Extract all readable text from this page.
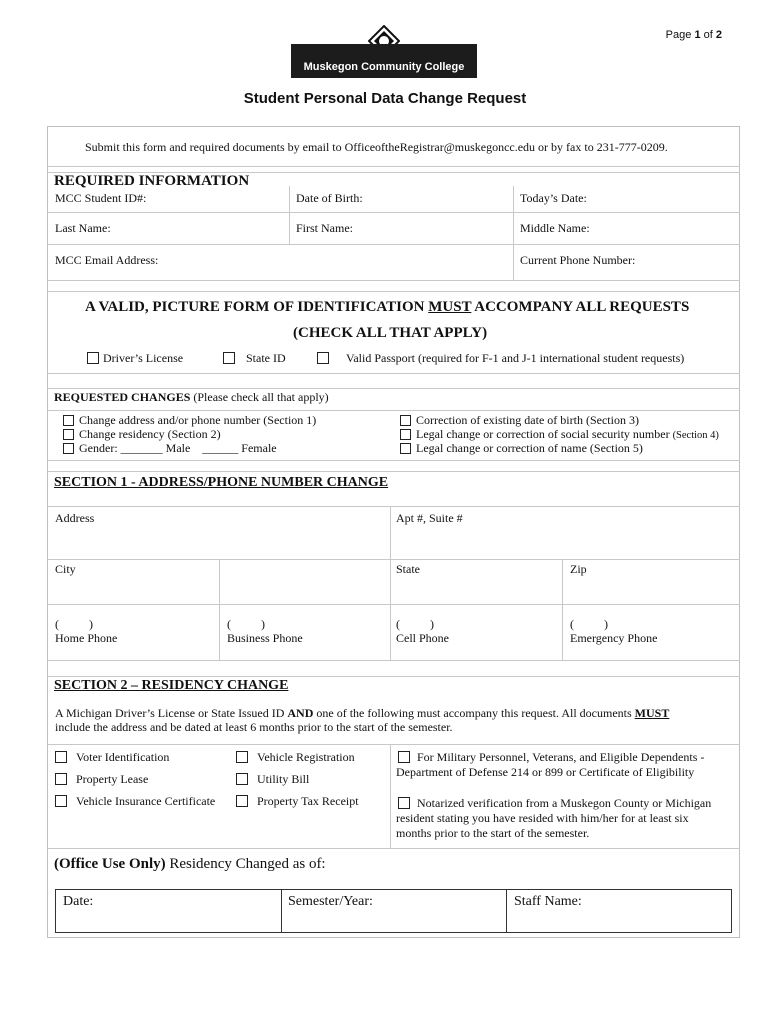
Page 1 of 2
Muskegon Community College
Student Personal Data Change Request
Submit this form and required documents by email to OfficeoftheRegistrar@muskegoncc.edu or by fax to 231-777-0209.
REQUIRED INFORMATION
MCC Student ID#:	Date of Birth:	Today’s Date:
Last Name:	First Name:	Middle Name:
MCC Email Address:	Current Phone Number:
A VALID, PICTURE FORM OF IDENTIFICATION MUST ACCOMPANY ALL REQUESTS
(CHECK ALL THAT APPLY)
Driver’s License	State ID	Valid Passport (required for F-1 and J-1 international student requests)
REQUESTED CHANGES (Please check all that apply)
Change address and/or phone number (Section 1)
Change residency (Section 2)
Gender: _______ Male    ______ Female
Correction of existing date of birth (Section 3)
Legal change or correction of social security number (Section 4)
Legal change or correction of name (Section 5)
SECTION 1 - ADDRESS/PHONE NUMBER CHANGE
Address	Apt #, Suite #
City	State	Zip
(          )	(          )	(          )	(          )
Home Phone	Business Phone	Cell Phone	Emergency Phone
SECTION 2 – RESIDENCY CHANGE
A Michigan Driver’s License or State Issued ID AND one of the following must accompany this request. All documents MUST
include the address and be dated at least 6 months prior to the start of the semester.
Voter Identification
Property Lease
Vehicle Insurance Certificate
Vehicle Registration
Utility Bill
Property Tax Receipt
For Military Personnel, Veterans, and Eligible Dependents -
Department of Defense 214 or 899 or Certificate of Eligibility
Notarized verification from a Muskegon County or Michigan
resident stating you have resided with him/her for at least six
months prior to the start of the semester.
(Office Use Only) Residency Changed as of:
Date:	Semester/Year:	Staff Name:
